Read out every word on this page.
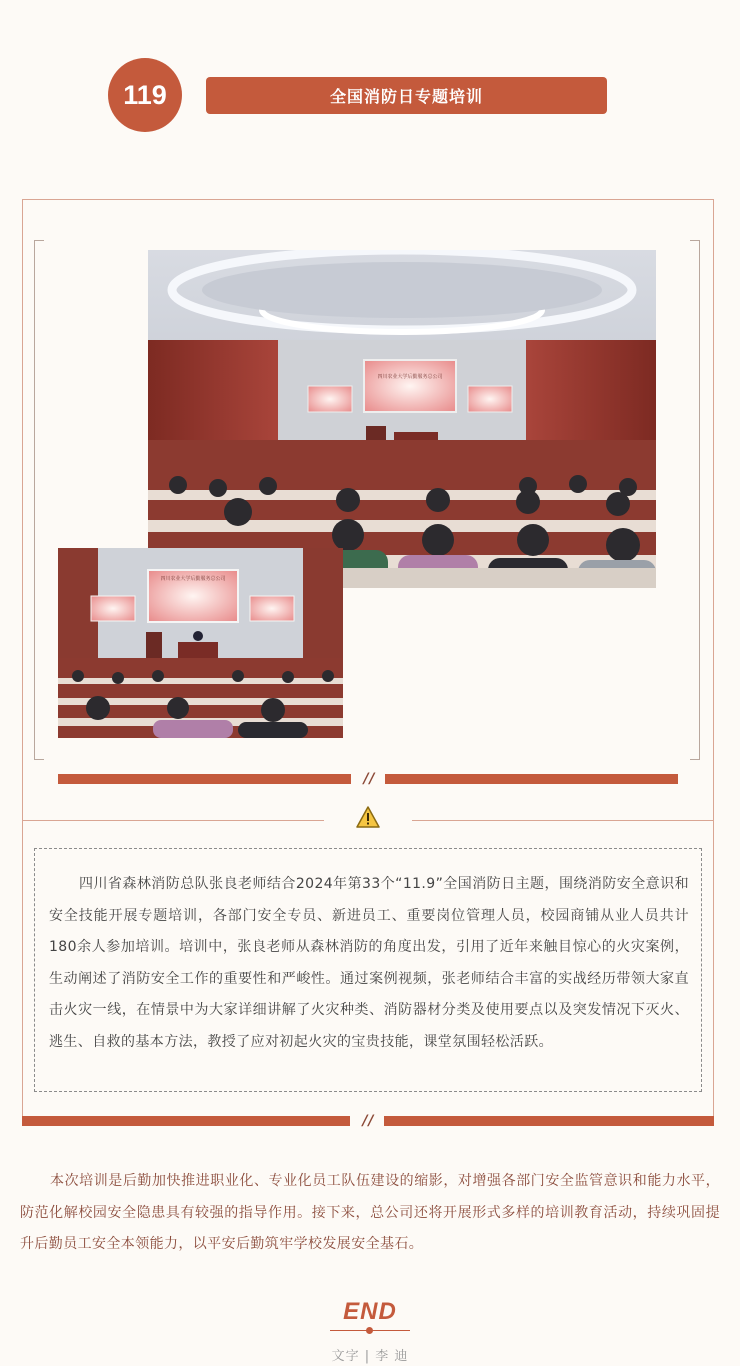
119	全国消防日专题培训
四川农业大学后勤服务总公司
四川农业大学后勤服务总公司
/ /

四川省森林消防总队张良老师结合2024年第33个“11.9”全国消防日主题，围绕消防安全意识和安全技能开展专题培训，各部门安全专员、新进员工、重要岗位管理人员，校园商铺从业人员共计180余人参加培训。培训中，张良老师从森林消防的角度出发，引用了近年来触目惊心的火灾案例，生动阐述了消防安全工作的重要性和严峻性。通过案例视频，张老师结合丰富的实战经历带领大家直击火灾一线，在情景中为大家详细讲解了火灾种类、消防器材分类及使用要点以及突发情况下灭火、逃生、自救的基本方法，教授了应对初起火灾的宝贵技能，课堂氛围轻松活跃。

/ /

本次培训是后勤加快推进职业化、专业化员工队伍建设的缩影，对增强各部门安全监管意识和能力水平，防范化解校园安全隐患具有较强的指导作用。接下来，总公司还将开展形式多样的培训教育活动，持续巩固提升后勤员工安全本领能力，以平安后勤筑牢学校发展安全基石。

END
文字 | 李 迪
